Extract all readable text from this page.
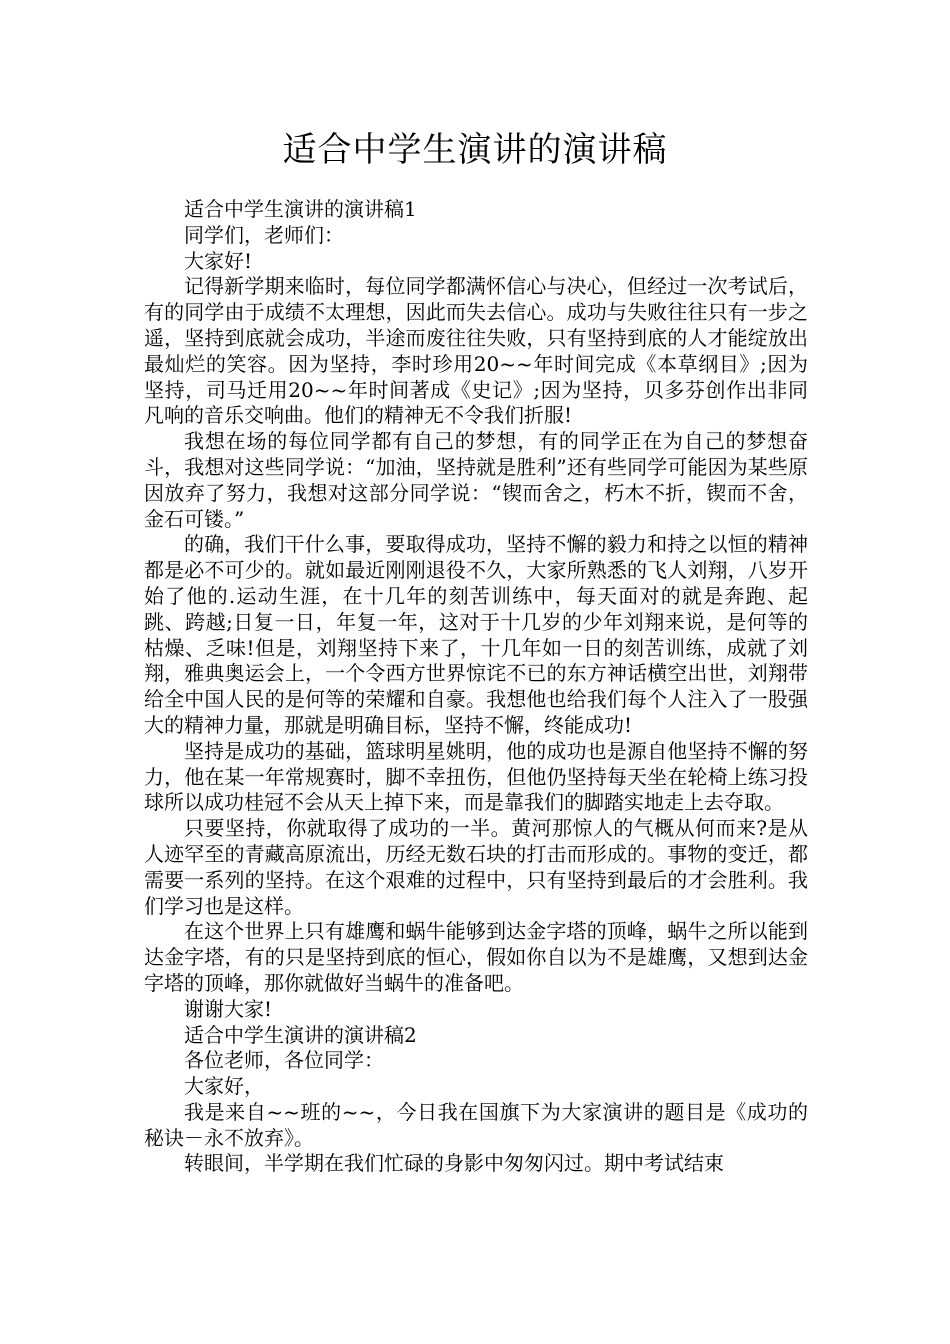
适合中学生演讲的演讲稿

适合中学生演讲的演讲稿1

同学们，老师们：

大家好!

记得新学期来临时，每位同学都满怀信心与决心，但经过一次考试后，有的同学由于成绩不太理想，因此而失去信心。成功与失败往往只有一步之遥，坚持到底就会成功，半途而废往往失败，只有坚持到底的人才能绽放出最灿烂的笑容。因为坚持，李时珍用20~~年时间完成《本草纲目》;因为坚持，司马迁用20~~年时间著成《史记》;因为坚持，贝多芬创作出非同凡响的音乐交响曲。他们的精神无不令我们折服!

我想在场的每位同学都有自己的梦想，有的同学正在为自己的梦想奋斗，我想对这些同学说：“加油，坚持就是胜利”还有些同学可能因为某些原因放弃了努力，我想对这部分同学说：“锲而舍之，朽木不折，锲而不舍，金石可镂。”

的确，我们干什么事，要取得成功，坚持不懈的毅力和持之以恒的精神都是必不可少的。就如最近刚刚退役不久，大家所熟悉的飞人刘翔，八岁开始了他的.运动生涯，在十几年的刻苦训练中，每天面对的就是奔跑、起跳、跨越;日复一日，年复一年，这对于十几岁的少年刘翔来说，是何等的枯燥、乏味!但是，刘翔坚持下来了，十几年如一日的刻苦训练，成就了刘翔，雅典奥运会上，一个令西方世界惊诧不已的东方神话横空出世，刘翔带给全中国人民的是何等的荣耀和自豪。我想他也给我们每个人注入了一股强大的精神力量，那就是明确目标，坚持不懈，终能成功!

坚持是成功的基础，篮球明星姚明，他的成功也是源自他坚持不懈的努力，他在某一年常规赛时，脚不幸扭伤，但他仍坚持每天坐在轮椅上练习投球所以成功桂冠不会从天上掉下来，而是靠我们的脚踏实地走上去夺取。

只要坚持，你就取得了成功的一半。黄河那惊人的气概从何而来?是从人迹罕至的青藏高原流出，历经无数石块的打击而形成的。事物的变迁，都需要一系列的坚持。在这个艰难的过程中，只有坚持到最后的才会胜利。我们学习也是这样。

在这个世界上只有雄鹰和蜗牛能够到达金字塔的顶峰，蜗牛之所以能到达金字塔，有的只是坚持到底的恒心，假如你自以为不是雄鹰，又想到达金字塔的顶峰，那你就做好当蜗牛的准备吧。

谢谢大家!

适合中学生演讲的演讲稿2

各位老师，各位同学：

大家好，

我是来自~~班的~~，今日我在国旗下为大家演讲的题目是《成功的秘诀－永不放弃》。

转眼间，半学期在我们忙碌的身影中匆匆闪过。期中考试结束
